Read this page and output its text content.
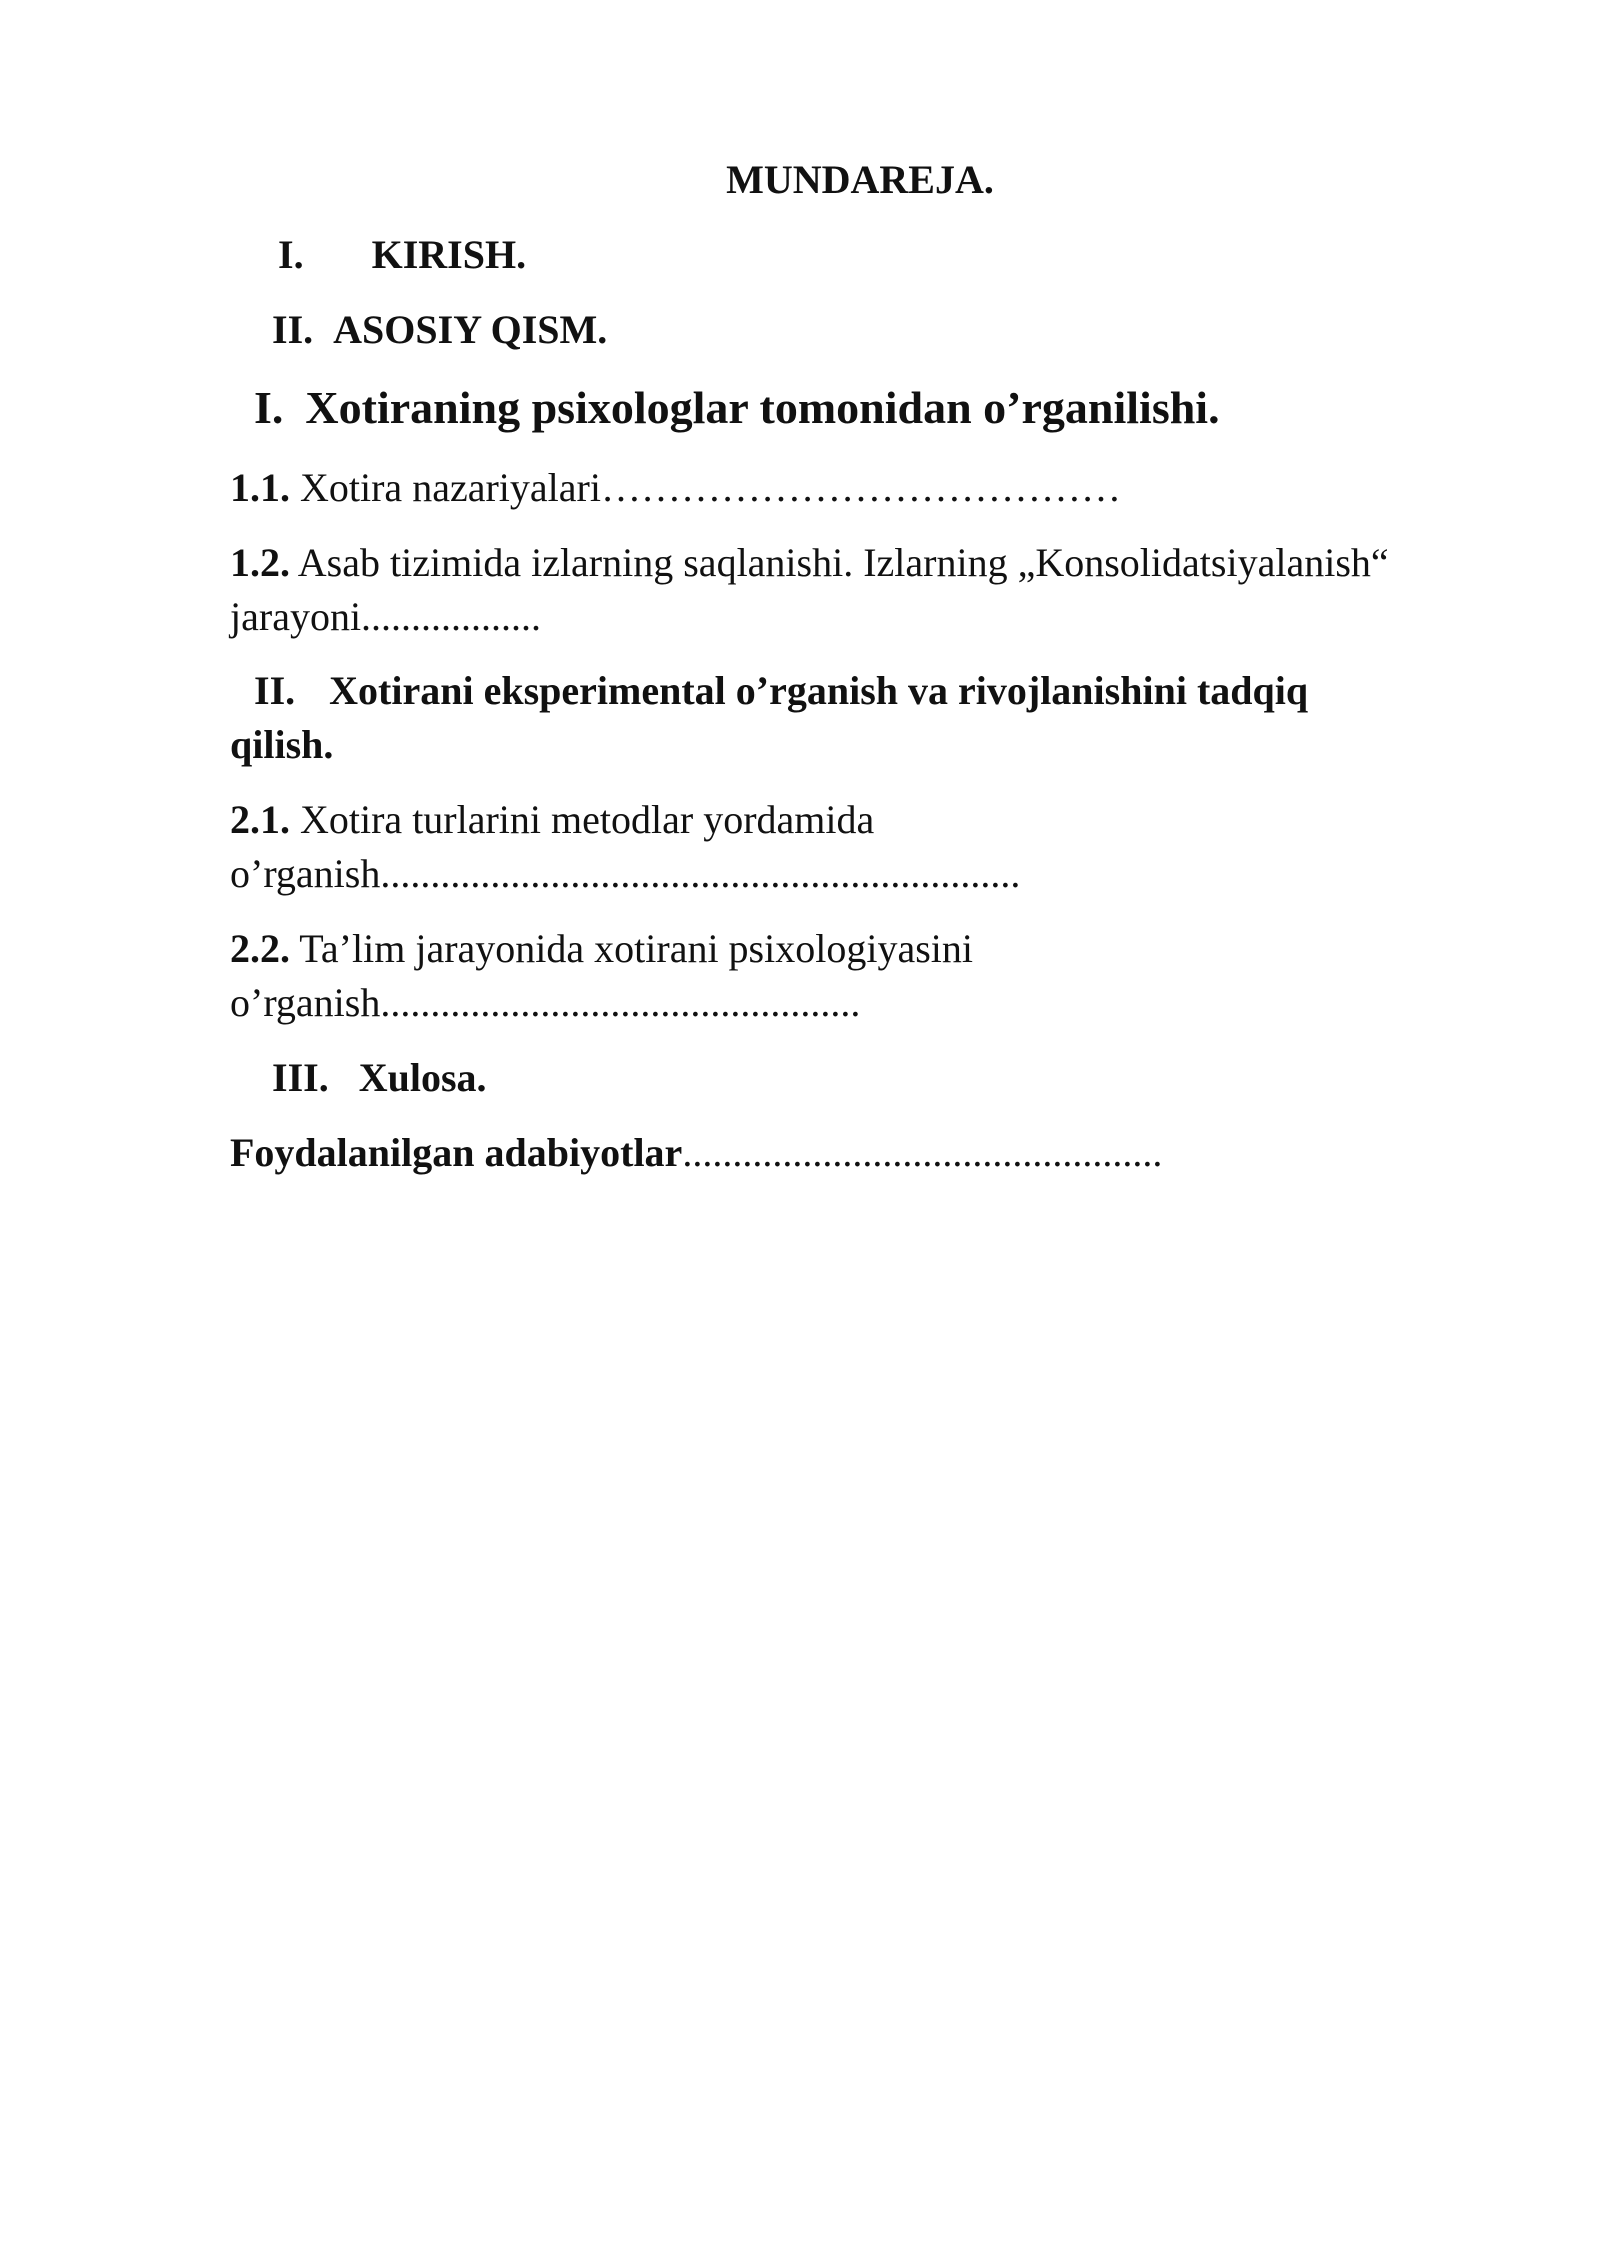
MUNDAREJA.
I. KIRISH.
II. ASOSIY QISM.
I. Xotiraning psixologlar tomonidan o’rganilishi.
1.1. Xotira nazariyalari…………………………………
1.2. Asab tizimida izlarning saqlanishi. Izlarning „Konsolidatsiyalanish“
jarayoni..................
II. Xotirani eksperimental o’rganish va rivojlanishini tadqiq
qilish.
2.1. Xotira turlarini metodlar yordamida
o’rganish................................................................
2.2. Ta’lim jarayonida xotirani psixologiyasini
o’rganish................................................
III. Xulosa.
Foydalanilgan adabiyotlar................................................
